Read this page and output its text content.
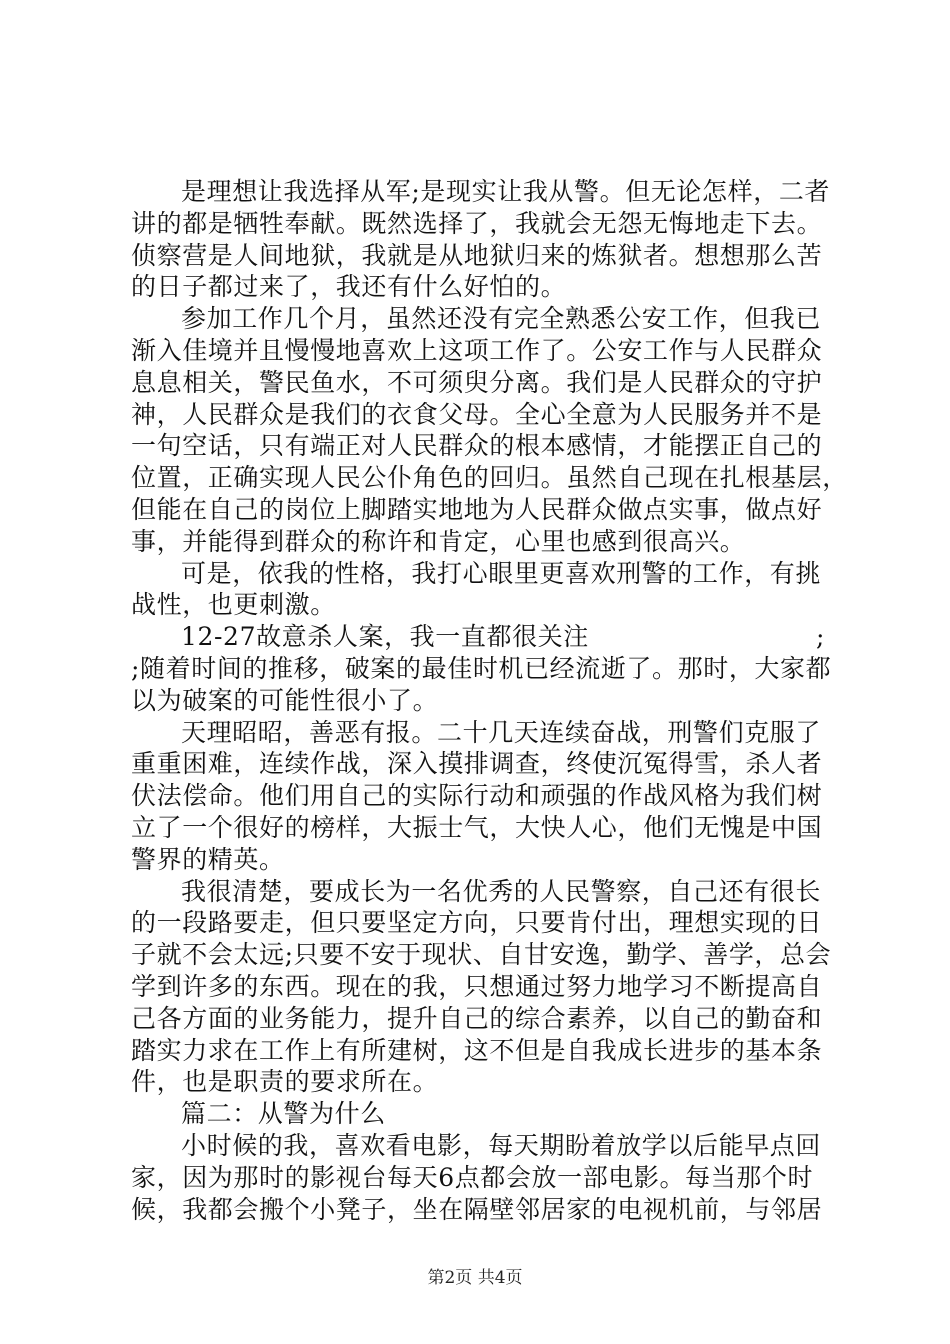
是理想让我选择从军;是现实让我从警。但无论怎样，二者
讲的都是牺牲奉献。既然选择了，我就会无怨无悔地走下去。
侦察营是人间地狱，我就是从地狱归来的炼狱者。想想那么苦
的日子都过来了，我还有什么好怕的。
参加工作几个月，虽然还没有完全熟悉公安工作，但我已
渐入佳境并且慢慢地喜欢上这项工作了。公安工作与人民群众
息息相关，警民鱼水，不可须臾分离。我们是人民群众的守护
神，人民群众是我们的衣食父母。全心全意为人民服务并不是
一句空话，只有端正对人民群众的根本感情，才能摆正自己的
位置，正确实现人民公仆角色的回归。虽然自己现在扎根基层，
但能在自己的岗位上脚踏实地地为人民群众做点实事，做点好
事，并能得到群众的称许和肯定，心里也感到很高兴。
可是，依我的性格，我打心眼里更喜欢刑警的工作，有挑
战性，也更刺激。
12-27故意杀人案，我一直都很关注	;
;随着时间的推移，破案的最佳时机已经流逝了。那时，大家都
以为破案的可能性很小了。
天理昭昭，善恶有报。二十几天连续奋战，刑警们克服了
重重困难，连续作战，深入摸排调查，终使沉冤得雪，杀人者
伏法偿命。他们用自己的实际行动和顽强的作战风格为我们树
立了一个很好的榜样，大振士气，大快人心，他们无愧是中国
警界的精英。
我很清楚，要成长为一名优秀的人民警察，自己还有很长
的一段路要走，但只要坚定方向，只要肯付出，理想实现的日
子就不会太远;只要不安于现状、自甘安逸，勤学、善学，总会
学到许多的东西。现在的我，只想通过努力地学习不断提高自
己各方面的业务能力，提升自己的综合素养，以自己的勤奋和
踏实力求在工作上有所建树，这不但是自我成长进步的基本条
件，也是职责的要求所在。
篇二：从警为什么
小时候的我，喜欢看电影，每天期盼着放学以后能早点回
家，因为那时的影视台每天6点都会放一部电影。每当那个时
候，我都会搬个小凳子，坐在隔壁邻居家的电视机前，与邻居
第2页 共4页
